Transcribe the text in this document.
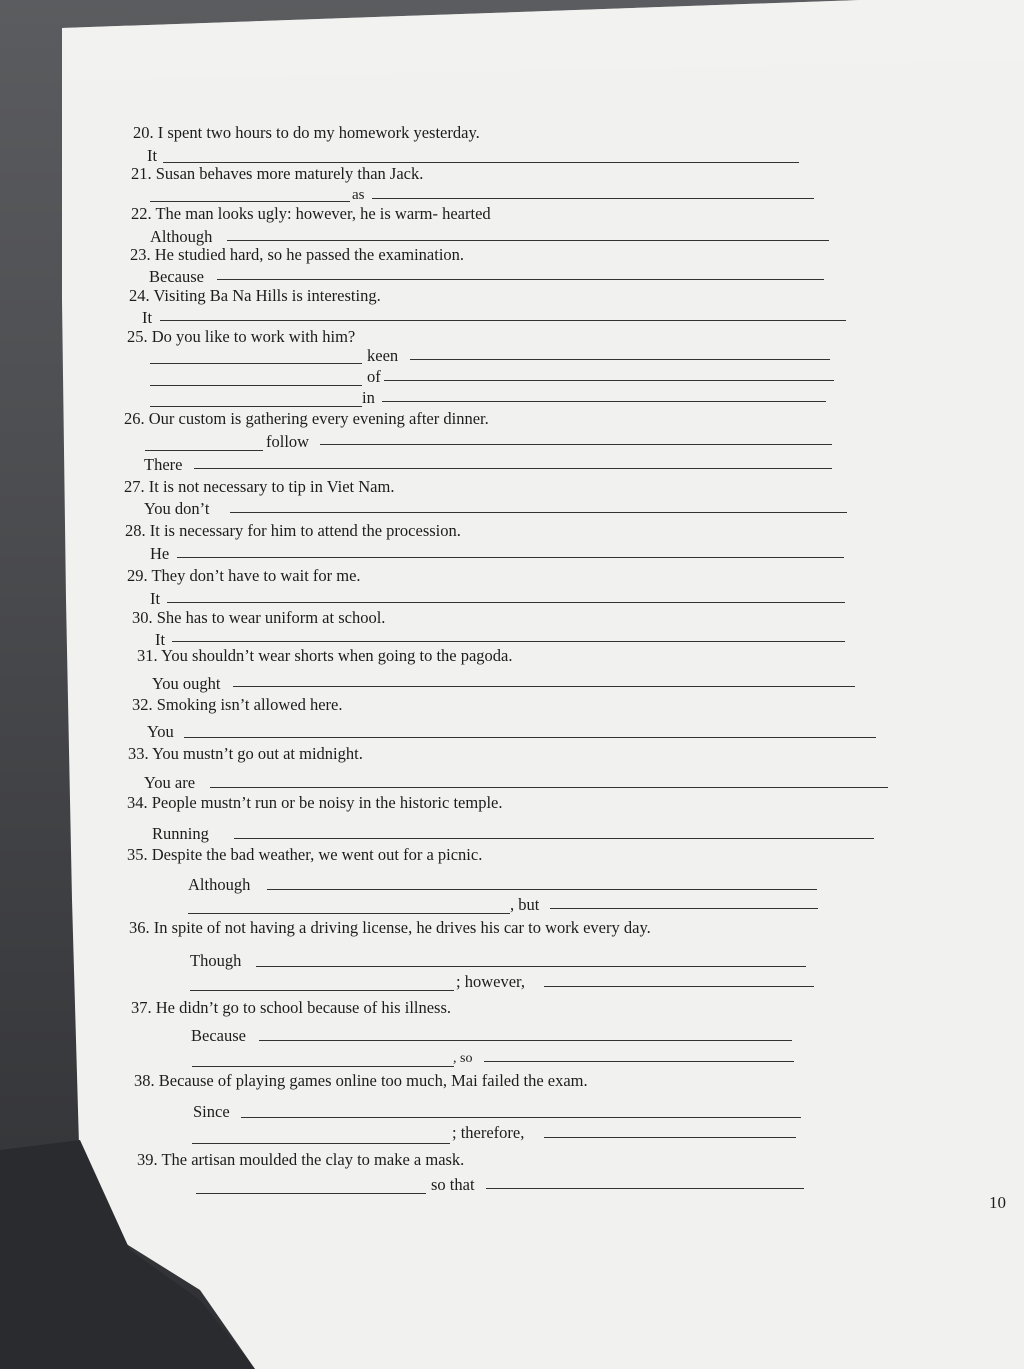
20. I spent two hours to do my homework yesterday.
It
21. Susan behaves more maturely than Jack.
as
22. The man looks ugly: however, he is warm- hearted
Although
23. He studied hard, so he passed the examination.
Because
24. Visiting Ba Na Hills is interesting.
It
25. Do you like to work with him?
keen
of
in
26. Our custom is gathering every evening after dinner.
follow
There
27. It is not necessary to tip in Viet Nam.
You don’t
28. It is necessary for him to attend the procession.
He
29. They don’t have to wait for me.
It
30. She has to wear uniform at school.
It
31. You shouldn’t wear shorts when going to the pagoda.
You ought
32. Smoking isn’t allowed here.
You
33. You mustn’t go out at midnight.
You are
34. People mustn’t run or be noisy in the historic temple.
Running
35. Despite the bad weather, we went out for a picnic.
Although
, but
36. In spite of not having a driving license, he drives his car to work every day.
Though
; however,
37. He didn’t go to school because of his illness.
Because
, so
38. Because of playing games online too much, Mai failed the exam.
Since
; therefore,
39. The artisan moulded the clay to make a mask.
so that
10
